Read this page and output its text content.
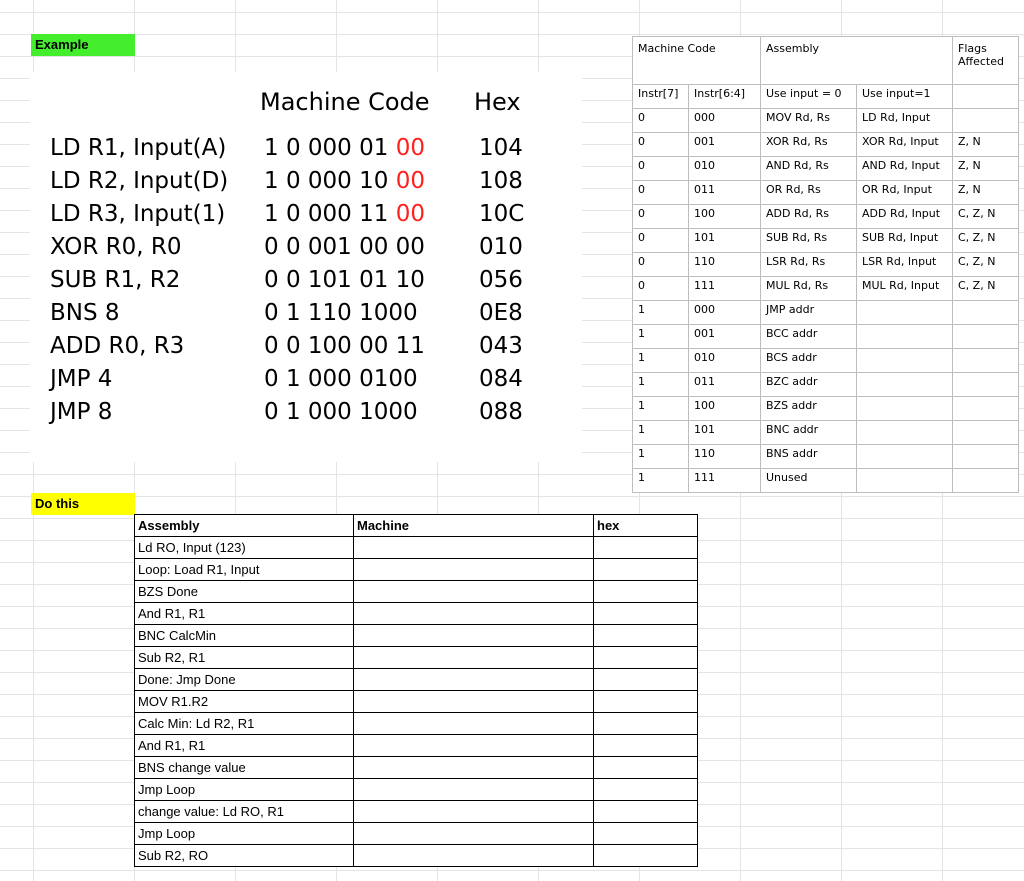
Example
Do this
Machine Code Hex
LD R1, Input(A) 1 0 000 01 00 104
LD R2, Input(D) 1 0 000 10 00 108
LD R3, Input(1) 1 0 000 11 00 10C
XOR R0, R0	0 0 001 00 00 010
SUB R1, R2	0 0 101 01 10 056
BNS 8	0 1 110 1000	0E8
ADD R0, R3	0 0 100 00 11 043
JMP 4	0 1 000 0100	084
JMP 8	0 1 000 1000	088
Machine Code		Assembly		Flags Affected
Instr[7]	Instr[6:4]	Use input = 0	Use input=1	
0	000	MOV Rd, Rs	LD Rd, Input	
0	001	XOR Rd, Rs	XOR Rd, Input	Z, N
0	010	AND Rd, Rs	AND Rd, Input	Z, N
0	011	OR Rd, Rs	OR Rd, Input	Z, N
0	100	ADD Rd, Rs	ADD Rd, Input	C, Z, N
0	101	SUB Rd, Rs	SUB Rd, Input	C, Z, N
0	110	LSR Rd, Rs	LSR Rd, Input	C, Z, N
0	111	MUL Rd, Rs	MUL Rd, Input	C, Z, N
1	000	JMP addr		
1	001	BCC addr		
1	010	BCS addr		
1	011	BZC addr		
1	100	BZS addr		
1	101	BNC addr		
1	110	BNS addr		
1	111	Unused		
Assembly	Machine	hex
Ld RO, Input (123)		
Loop: Load R1, Input		
BZS Done		
And R1, R1		
BNC CalcMin		
Sub R2, R1		
Done: Jmp Done		
MOV R1.R2		
Calc Min: Ld R2, R1		
And R1, R1		
BNS change value		
Jmp Loop		
change value: Ld RO, R1		
Jmp Loop		
Sub R2, RO		
